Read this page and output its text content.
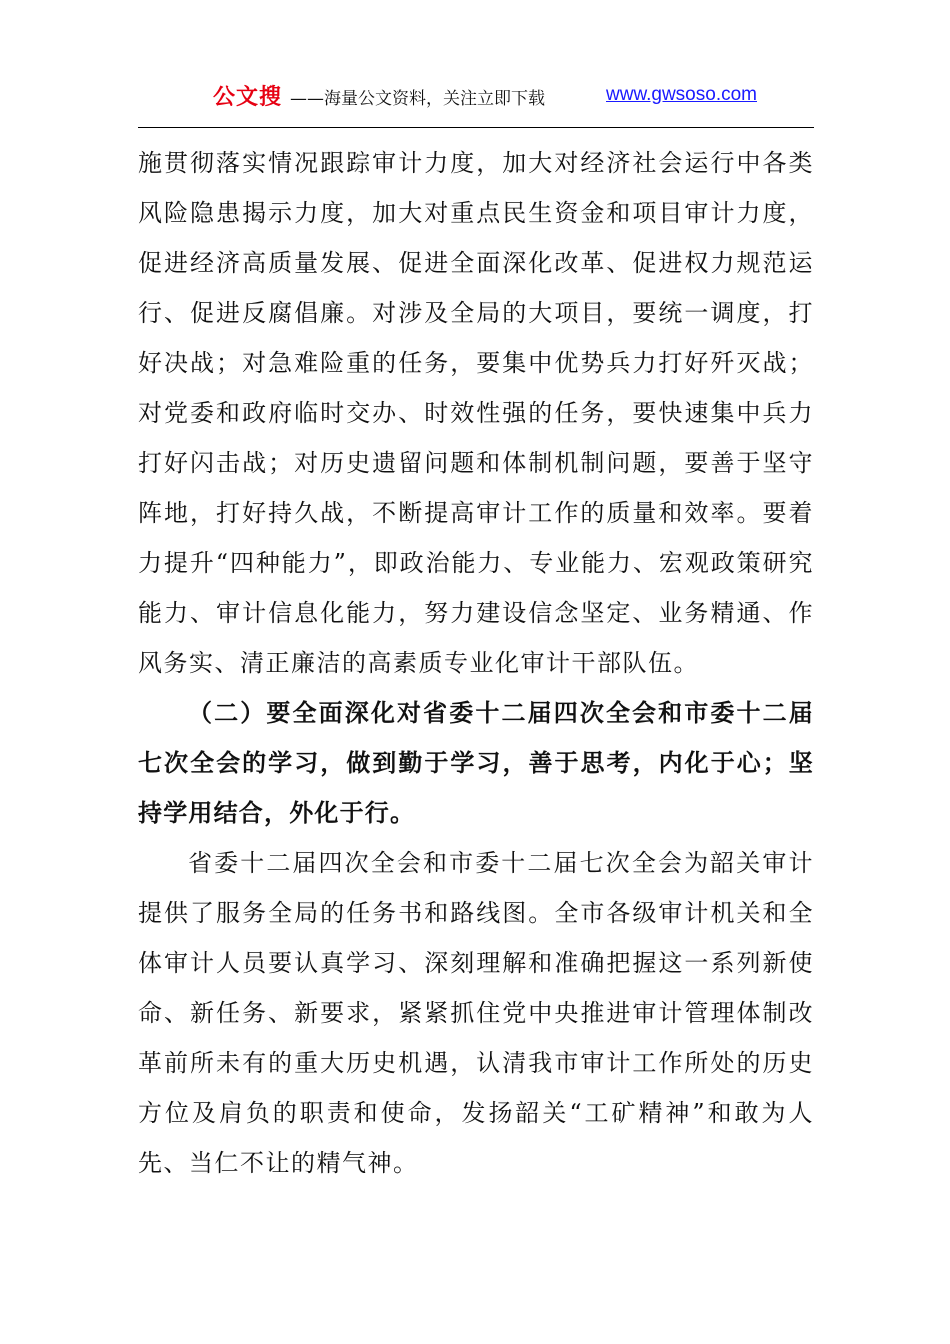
公文搜 ——海量公文资料，关注立即下载	www.gwsoso.com

施贯彻落实情况跟踪审计力度，加大对经济社会运行中各类风险隐患揭示力度，加大对重点民生资金和项目审计力度，促进经济高质量发展、促进全面深化改革、促进权力规范运行、促进反腐倡廉。对涉及全局的大项目，要统一调度，打好决战；对急难险重的任务，要集中优势兵力打好歼灭战；对党委和政府临时交办、时效性强的任务，要快速集中兵力打好闪击战；对历史遗留问题和体制机制问题，要善于坚守阵地，打好持久战，不断提高审计工作的质量和效率。要着力提升“四种能力”，即政治能力、专业能力、宏观政策研究能力、审计信息化能力，努力建设信念坚定、业务精通、作风务实、清正廉洁的高素质专业化审计干部队伍。

（二）要全面深化对省委十二届四次全会和市委十二届七次全会的学习，做到勤于学习，善于思考，内化于心；坚持学用结合，外化于行。

省委十二届四次全会和市委十二届七次全会为韶关审计提供了服务全局的任务书和路线图。全市各级审计机关和全体审计人员要认真学习、深刻理解和准确把握这一系列新使命、新任务、新要求，紧紧抓住党中央推进审计管理体制改革前所未有的重大历史机遇，认清我市审计工作所处的历史方位及肩负的职责和使命，发扬韶关“工矿精神”和敢为人先、当仁不让的精气神。
